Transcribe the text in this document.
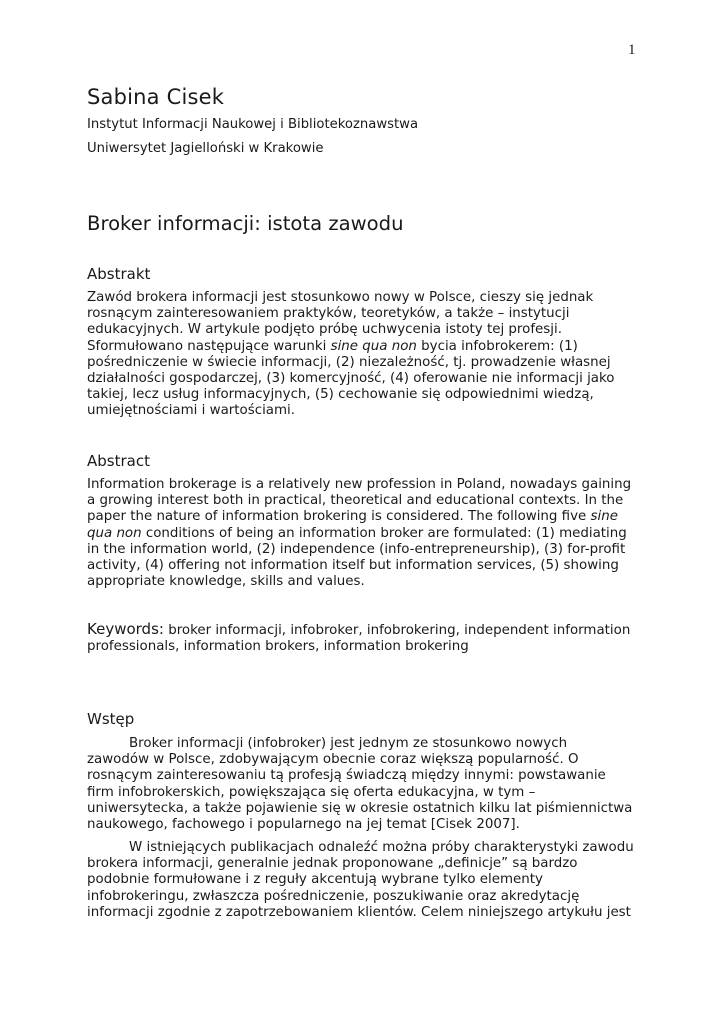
1
Sabina Cisek

Instytut Informacji Naukowej i Bibliotekoznawstwa

Uniwersytet Jagielloński w Krakowie

Broker informacji: istota zawodu
Abstrakt

Zawód brokera informacji jest stosunkowo nowy w Polsce, cieszy się jednak
rosnącym zainteresowaniem praktyków, teoretyków, a także – instytucji
edukacyjnych. W artykule podjęto próbę uchwycenia istoty tej profesji.
Sformułowano następujące warunki sine qua non bycia infobrokerem: (1)
pośredniczenie w świecie informacji, (2) niezależność, tj. prowadzenie własnej
działalności gospodarczej, (3) komercyjność, (4) oferowanie nie informacji jako
takiej, lecz usług informacyjnych, (5) cechowanie się odpowiednimi wiedzą,
umiejętnościami i wartościami.

Abstract

Information brokerage is a relatively new profession in Poland, nowadays gaining
a growing interest both in practical, theoretical and educational contexts. In the
paper the nature of information brokering is considered. The following five sine
qua non conditions of being an information broker are formulated: (1) mediating
in the information world, (2) independence (info-entrepreneurship), (3) for-profit
activity, (4) offering not information itself but information services, (5) showing
appropriate knowledge, skills and values.

Keywords: broker informacji, infobroker, infobrokering, independent information
professionals, information brokers, information brokering

Wstęp

Broker informacji (infobroker) jest jednym ze stosunkowo nowych
zawodów w Polsce, zdobywającym obecnie coraz większą popularność. O
rosnącym zainteresowaniu tą profesją świadczą między innymi: powstawanie
firm infobrokerskich, powiększająca się oferta edukacyjna, w tym –
uniwersytecka, a także pojawienie się w okresie ostatnich kilku lat piśmiennictwa
naukowego, fachowego i popularnego na jej temat [Cisek 2007].

W istniejących publikacjach odnaleźć można próby charakterystyki zawodu
brokera informacji, generalnie jednak proponowane „definicje” są bardzo
podobnie formułowane i z reguły akcentują wybrane tylko elementy
infobrokeringu, zwłaszcza pośredniczenie, poszukiwanie oraz akredytację
informacji zgodnie z zapotrzebowaniem klientów. Celem niniejszego artykułu jest
